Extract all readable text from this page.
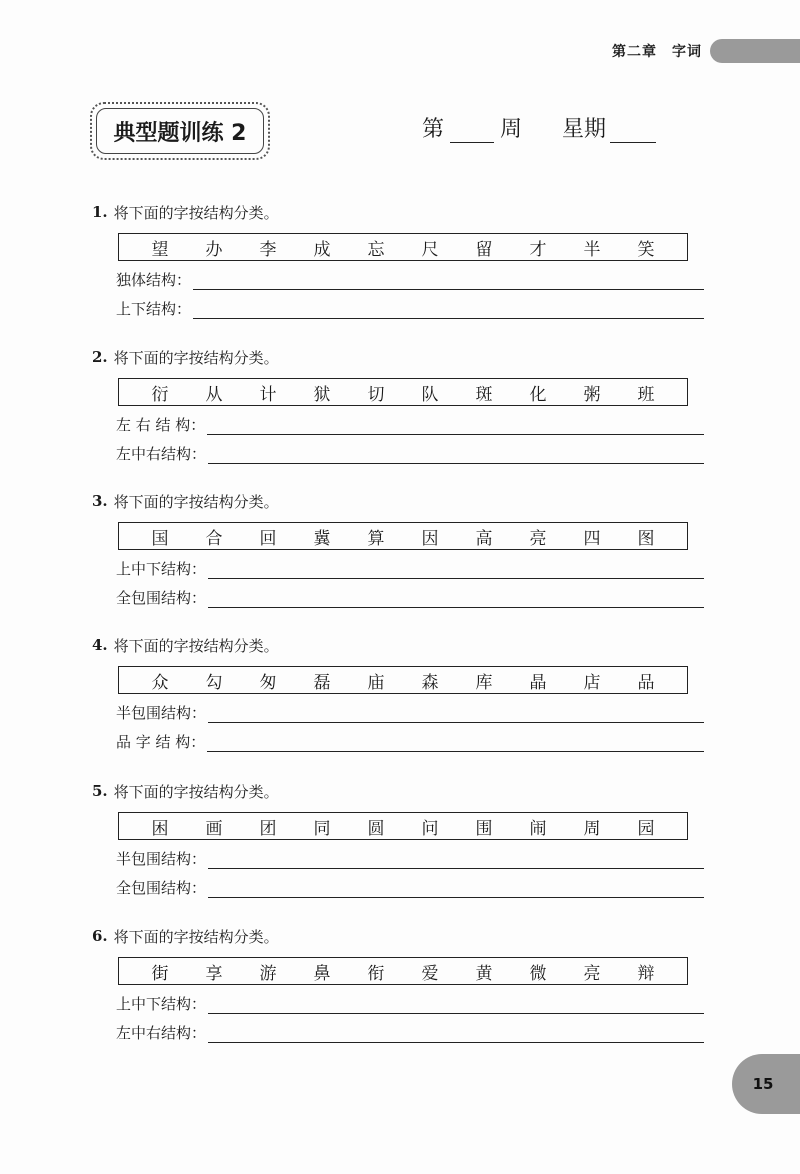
第二章　字词
典型题训练 2	第	周 星期
1. 将下面的字按结构分类。
望 办 李 成 忘 尺 留 才 半 笑
独体结构：
上下结构：
2. 将下面的字按结构分类。
衍 从 计 狱 切 队 斑 化 粥 班
左 右 结 构：
左中右结构：
3. 将下面的字按结构分类。
国 合 回 冀 算 因 高 亮 四 图
上中下结构：
全包围结构：
4. 将下面的字按结构分类。
众 勾 匆 磊 庙 森 库 晶 店 品
半包围结构：
品 字 结 构：
5. 将下面的字按结构分类。
困 画 团 同 圆 问 围 闹 周 园
半包围结构：
全包围结构：
6. 将下面的字按结构分类。
街 享 游 鼻 衔 爱 黄 微 亮 辩
上中下结构：
左中右结构：
15
